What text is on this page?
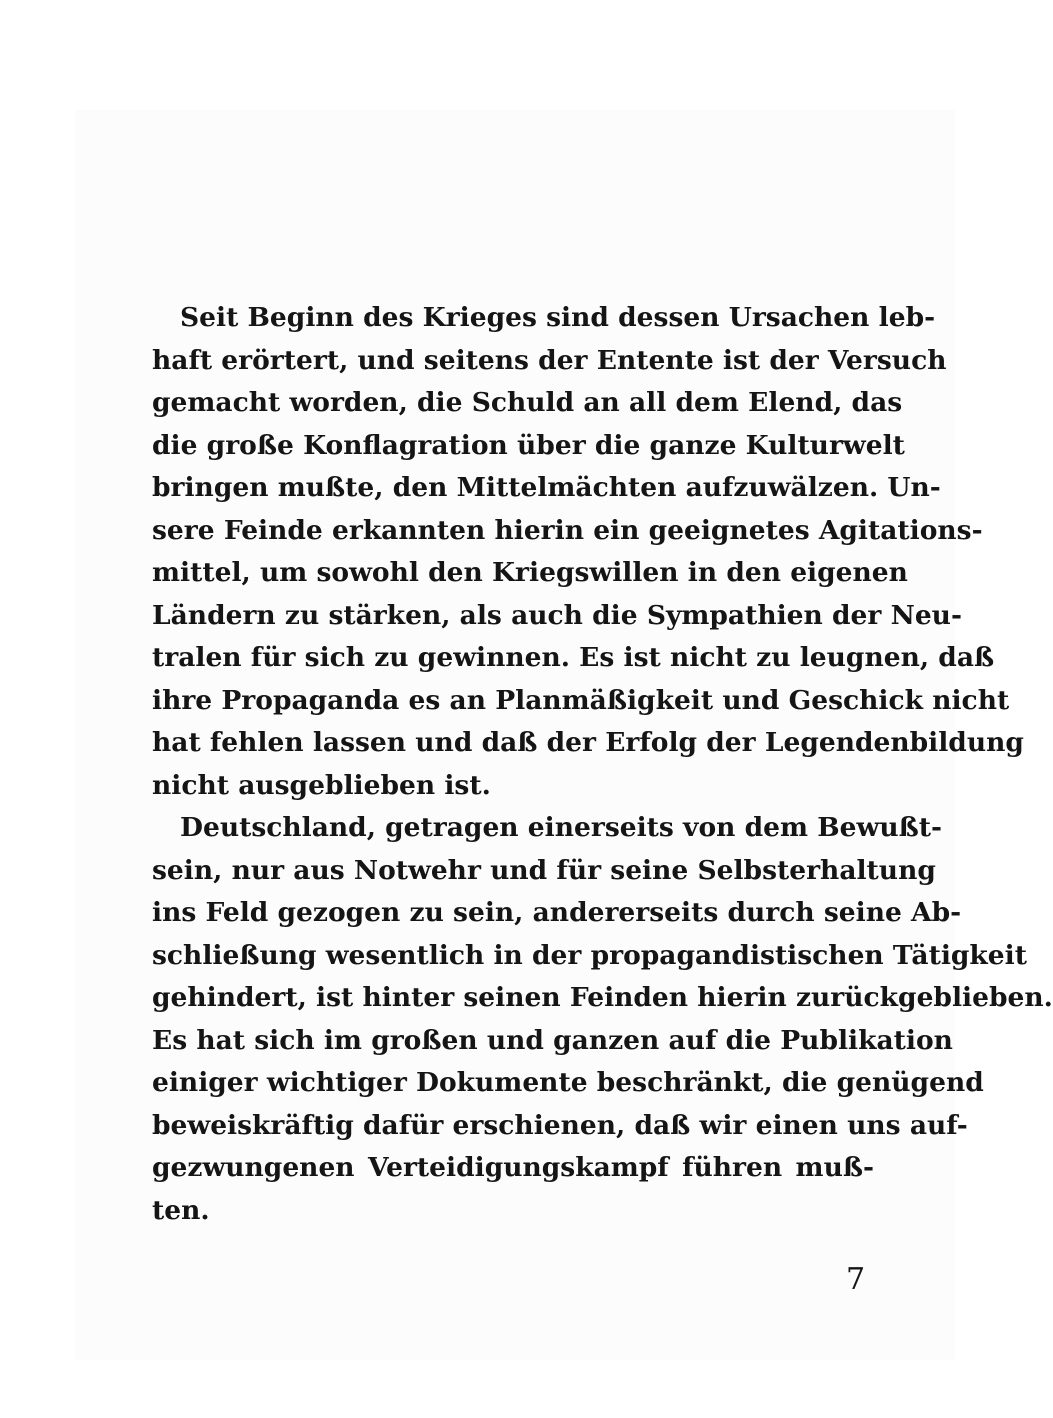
Seit Beginn des Krieges sind dessen Ursachen leb-
haft erörtert, und seitens der Entente ist der Versuch
gemacht worden, die Schuld an all dem Elend, das
die große Konflagration über die ganze Kulturwelt
bringen mußte, den Mittelmächten aufzuwälzen. Un-
sere Feinde erkannten hierin ein geeignetes Agitations-
mittel, um sowohl den Kriegswillen in den eigenen
Ländern zu stärken, als auch die Sympathien der Neu-
tralen für sich zu gewinnen. Es ist nicht zu leugnen, daß
ihre Propaganda es an Planmäßigkeit und Geschick nicht
hat fehlen lassen und daß der Erfolg der Legendenbildung
nicht ausgeblieben ist.
Deutschland, getragen einerseits von dem Bewußt-
sein, nur aus Notwehr und für seine Selbsterhaltung
ins Feld gezogen zu sein, andererseits durch seine Ab-
schließung wesentlich in der propagandistischen Tätigkeit
gehindert, ist hinter seinen Feinden hierin zurückgeblieben.
Es hat sich im großen und ganzen auf die Publikation
einiger wichtiger Dokumente beschränkt, die genügend
beweiskräftig dafür erschienen, daß wir einen uns auf-
gezwungenen Verteidigungskampf führen muß-
ten.
7
